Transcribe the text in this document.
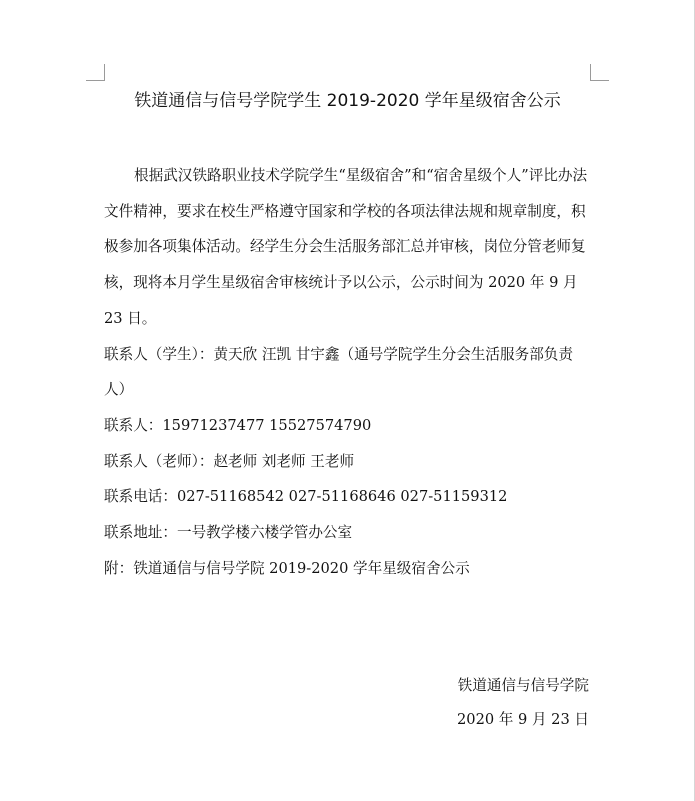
铁道通信与信号学院学生 2019-2020 学年星级宿舍公示

根据武汉铁路职业技术学院学生“星级宿舍”和“宿舍星级个人”评比办法文件精神，要求在校生严格遵守国家和学校的各项法律法规和规章制度，积极参加各项集体活动。经学生分会生活服务部汇总并审核，岗位分管老师复核，现将本月学生星级宿舍审核统计予以公示，公示时间为 2020 年 9 月 23 日。

联系人（学生）：黄天欣 汪凯 甘宇鑫（通号学院学生分会生活服务部负责人）

联系人：15971237477 15527574790

联系人（老师）：赵老师 刘老师 王老师

联系电话：027-51168542 027-51168646 027-51159312

联系地址：一号教学楼六楼学管办公室

附：铁道通信与信号学院 2019-2020 学年星级宿舍公示

铁道通信与信号学院
2020 年 9 月 23 日
